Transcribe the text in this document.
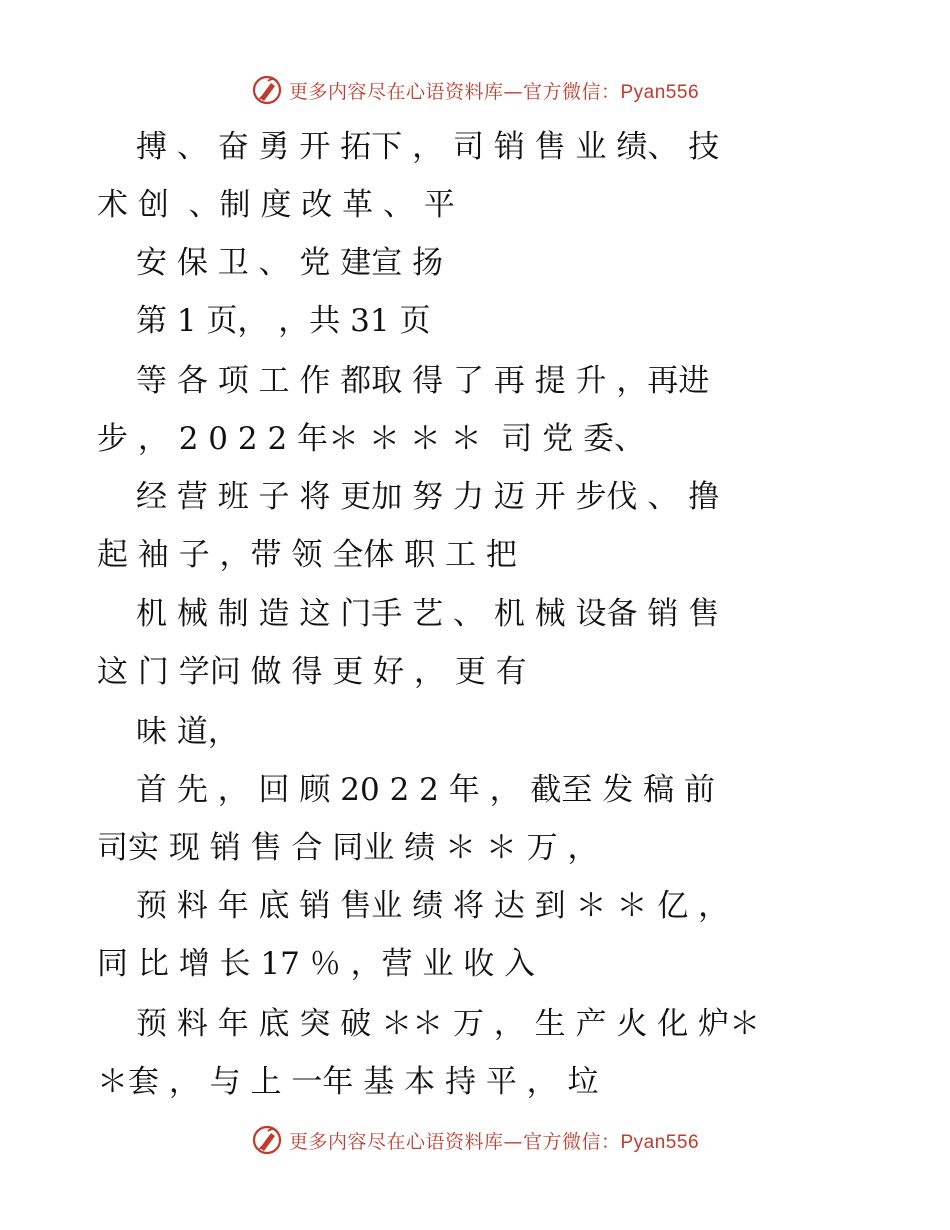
更多内容尽在心语资料库—官方微信：Pyan556
搏 、 奋 勇 开 拓下 ， 司 销 售 业 绩、 技
术 创  、制 度 改 革 、 平
安 保 卫 、 党 建宣 扬
第 1 页， ，共 31 页
等 各 项 工 作 都取 得 了 再 提 升 ，再进
步 ， 2 0 2 2 年＊ ＊ ＊ ＊  司 党 委、
经 营 班 子 将 更加 努 力 迈 开 步伐 、 撸
起 袖 子 ，带 领 全体 职 工 把
机 械 制 造 这 门手 艺 、 机 械 设备 销 售
这 门 学问 做 得 更 好 ， 更 有
味 道，
首 先 ， 回 顾 20 2 2 年 ， 截至 发 稿 前
司实 现 销 售 合 同业 绩 ＊ ＊ 万 ，
预 料 年 底 销 售业 绩 将 达 到 ＊ ＊ 亿 ，
同 比 增 长 17 ％ ，营 业 收 入
预 料 年 底 突 破 ＊＊ 万 ， 生 产 火 化 炉＊
＊套 ， 与 上 一年 基 本 持 平 ， 垃
更多内容尽在心语资料库—官方微信：Pyan556
